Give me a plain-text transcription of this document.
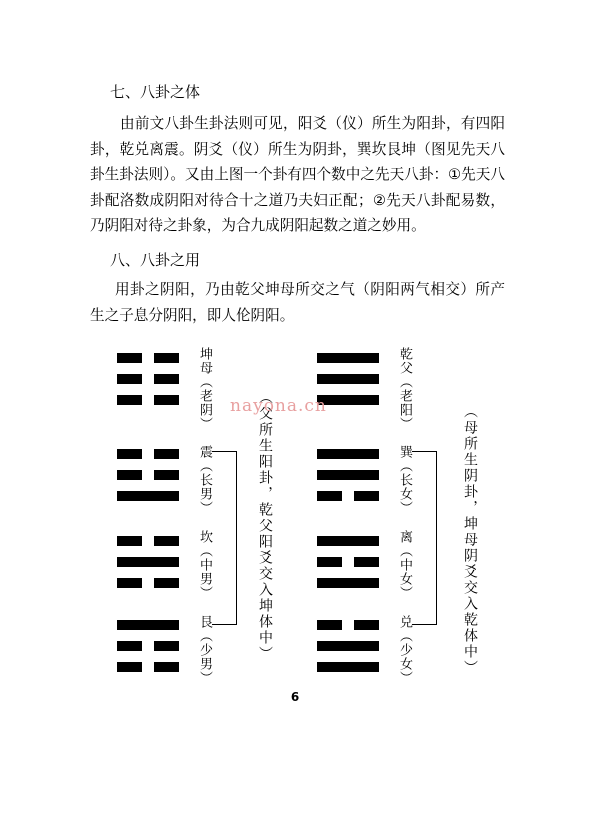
七、八卦之体
由前文八卦生卦法则可见，阳爻（仪）所生为阳卦，有四阳卦，乾兑离震。阴爻（仪）所生为阴卦，巽坎艮坤（图见先天八卦生卦法则）。又由上图一个卦有四个数中之先天八卦：①先天八卦配洛数成阴阳对待合十之道乃夫妇正配；②先天八卦配易数，乃阴阳对待之卦象，为合九成阴阳起数之道之妙用。
八、八卦之用
用卦之阴阳，乃由乾父坤母所交之气（阴阳两气相交）所产生之子息分阴阳，即人伦阴阳。
坤母（老阴）
震（长男）
坎（中男）
艮（少男）	（父所生阳卦，乾父阳爻交入坤体中）
乾父（老阳）
巽（长女）
离（中女）
兑（少女）	（母所生阴卦，坤母阴爻交入乾体中）
nayona.cn
6
